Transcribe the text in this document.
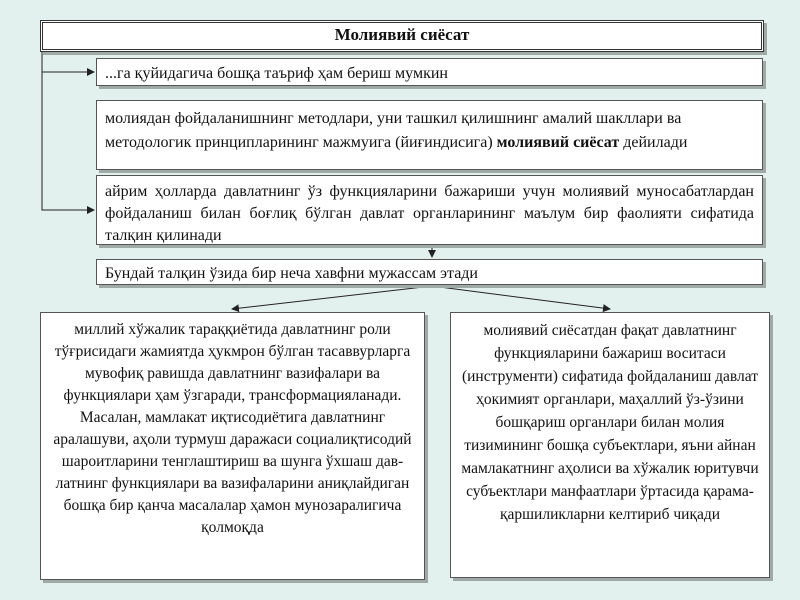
Молиявий сиёсат
...га қуйидагича бошқа таъриф ҳам бериш мумкин
молиядан фойдаланишнинг методлари, уни ташкил қилишнинг амалий шакллари ва методологик принципларининг мажмуига (йиғиндисига) молиявий сиёсат дейилади
айрим ҳолларда давлатнинг ўз функцияларини бажариши учун молиявий муносабатлардан фойдаланиш билан боғлиқ бўлган давлат органларининг маълум бир фаолияти сифатида талқин қилинади
Бундай талқин ўзида бир неча хавфни мужассам этади
миллий хўжалик тараққиётида давлатнинг роли тўғрисидаги жамиятда ҳукмрон бўлган тасаввурларга мувофиқ равишда давлатнинг вазифалари ва функциялари ҳам ўзгаради, трансформацияланади. Масалан, мамлакат иқтисодиётига давлатнинг аралашуви, аҳоли турмуш даражаси социалиқтисодий шароитларини тенглаштириш ва шунга ўхшаш дав-латнинг функциялари ва вазифаларини аниқлайдиган бошқа бир қанча масалалар ҳамон мунозаралигича қолмоқда
молиявий сиёсатдан фақат давлатнинг функцияларини бажариш воситаси (инструменти) сифатида фойдаланиш давлат ҳокимият органлари, маҳаллий ўз-ўзини бошқариш органлари билан молия тизимининг бошқа субъектлари, яъни айнан мамлакатнинг аҳолиси ва хўжалик юритувчи субъектлари манфаатлари ўртасида қарама-қаршиликларни келтириб чиқади
